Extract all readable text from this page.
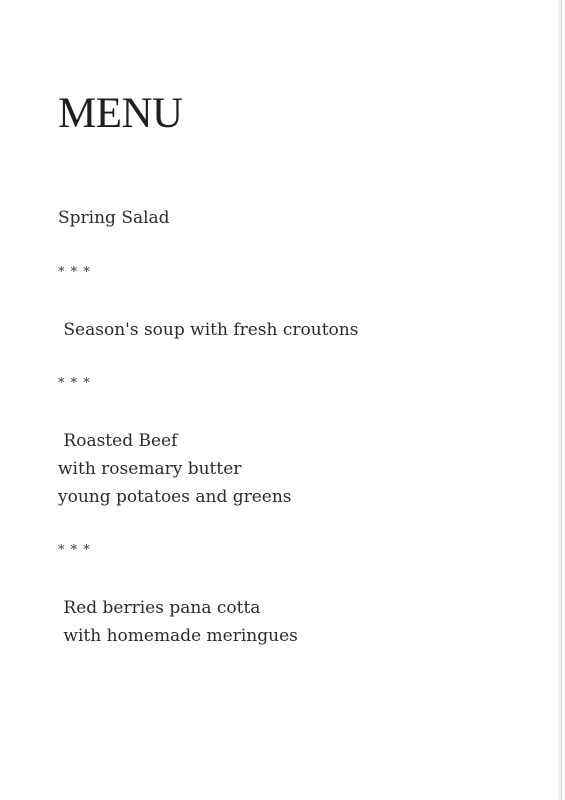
MENU

Spring Salad

* * *

Season's soup with fresh croutons

* * *

Roasted Beef

with rosemary butter

young potatoes and greens

* * *

Red berries pana cotta

with homemade meringues
